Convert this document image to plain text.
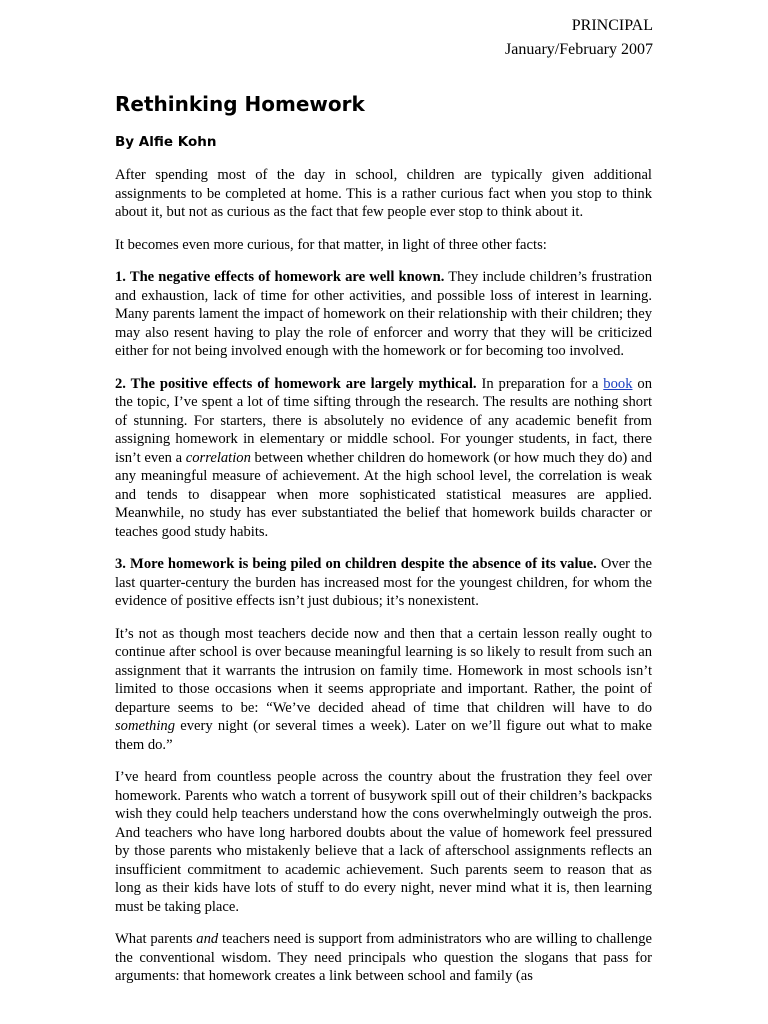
PRINCIPAL
January/February 2007
Rethinking Homework

By Alfie Kohn

After spending most of the day in school, children are typically given additional assignments to be completed at home. This is a rather curious fact when you stop to think about it, but not as curious as the fact that few people ever stop to think about it.

It becomes even more curious, for that matter, in light of three other facts:

1. The negative effects of homework are well known. They include children’s frustration and exhaustion, lack of time for other activities, and possible loss of interest in learning. Many parents lament the impact of homework on their relationship with their children; they may also resent having to play the role of enforcer and worry that they will be criticized either for not being involved enough with the homework or for becoming too involved.

2. The positive effects of homework are largely mythical. In preparation for a book on the topic, I’ve spent a lot of time sifting through the research. The results are nothing short of stunning. For starters, there is absolutely no evidence of any academic benefit from assigning homework in elementary or middle school. For younger students, in fact, there isn’t even a correlation between whether children do homework (or how much they do) and any meaningful measure of achievement. At the high school level, the correlation is weak and tends to disappear when more sophisticated statistical measures are applied. Meanwhile, no study has ever substantiated the belief that homework builds character or teaches good study habits.

3. More homework is being piled on children despite the absence of its value. Over the last quarter-century the burden has increased most for the youngest children, for whom the evidence of positive effects isn’t just dubious; it’s nonexistent.

It’s not as though most teachers decide now and then that a certain lesson really ought to continue after school is over because meaningful learning is so likely to result from such an assignment that it warrants the intrusion on family time. Homework in most schools isn’t limited to those occasions when it seems appropriate and important. Rather, the point of departure seems to be: “We’ve decided ahead of time that children will have to do something every night (or several times a week). Later on we’ll figure out what to make them do.”

I’ve heard from countless people across the country about the frustration they feel over homework. Parents who watch a torrent of busywork spill out of their children’s backpacks wish they could help teachers understand how the cons overwhelmingly outweigh the pros. And teachers who have long harbored doubts about the value of homework feel pressured by those parents who mistakenly believe that a lack of afterschool assignments reflects an insufficient commitment to academic achievement. Such parents seem to reason that as long as their kids have lots of stuff to do every night, never mind what it is, then learning must be taking place.

What parents and teachers need is support from administrators who are willing to challenge the conventional wisdom. They need principals who question the slogans that pass for arguments: that homework creates a link between school and family (as
